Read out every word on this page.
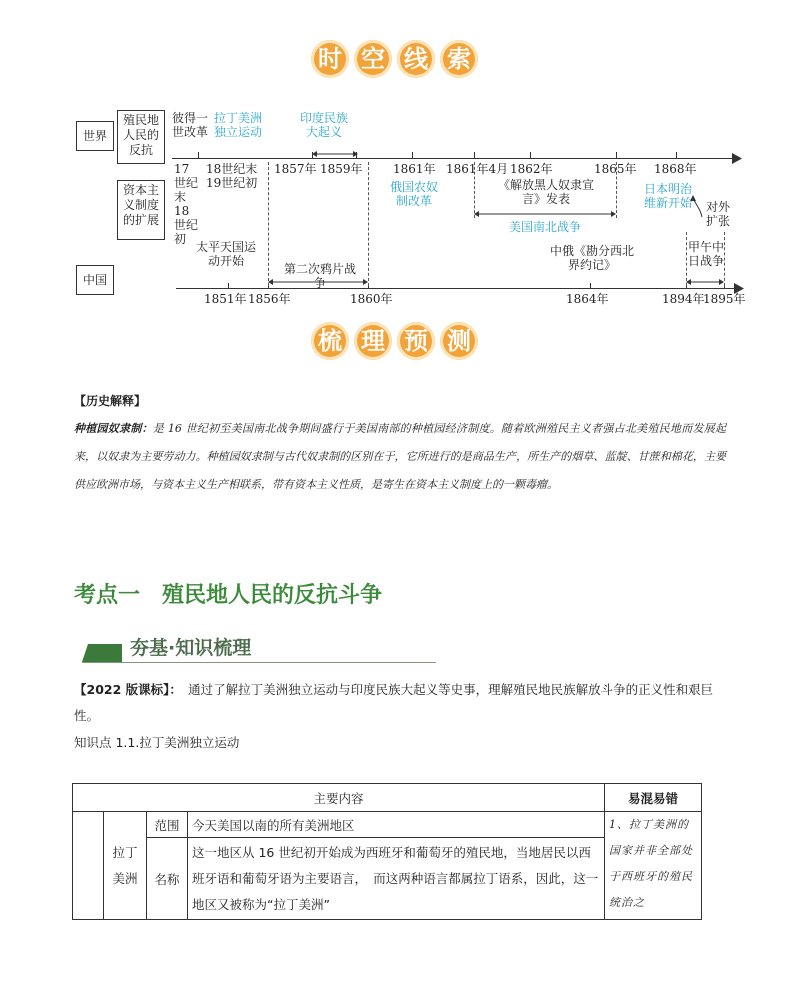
时 空 线 索
世界
中国
殖民地人民的反抗
资本主义制度的扩展
彼得一世改革
拉丁美洲独立运动
印度民族大起义
17世纪末18世纪初
18世纪末19世纪初
1857年 1859年	1861年 1861年4月 1862年	1865年 1868年
俄国农奴制改革
《解放黑人奴隶宣言》发表
美国南北战争
日本明治维新开始 对外扩张
太平天国运动开始
第二次鸦片战争
中俄《勘分西北界约记》
甲午中日战争
1851年 1856年	1860年	1864年	1894年
1895年
梳 理 预 测
【历史解释】
种植园奴隶制：是 16 世纪初至美国南北战争期间盛行于美国南部的种植园经济制度。随着欧洲殖民主义者强占北美殖民地而发展起来，以奴隶为主要劳动力。种植园奴隶制与古代奴隶制的区别在于，它所进行的是商品生产，所生产的烟草、蓝靛、甘蔗和棉花，主要供应欧洲市场，与资本主义生产相联系，带有资本主义性质，是寄生在资本主义制度上的一颗毒瘤。
考点一　殖民地人民的反抗斗争
夯基·知识梳理
【2022 版课标】：　 通过了解拉丁美洲独立运动与印度民族大起义等史事，理解殖民地民族解放斗争的正义性和艰巨性。
知识点 1.1.拉丁美洲独立运动
主要内容				易混易错
	拉丁美洲	范围	今天美国以南的所有美洲地区	1、拉丁美洲的国家并非全部处于西班牙的殖民统治之
		名称	这一地区从 16 世纪初开始成为西班牙和葡萄牙的殖民地，当地居民以西班牙语和葡萄牙语为主要语言，　而这两种语言都属拉丁语系，因此，这一地区又被称为“拉丁美洲”	
